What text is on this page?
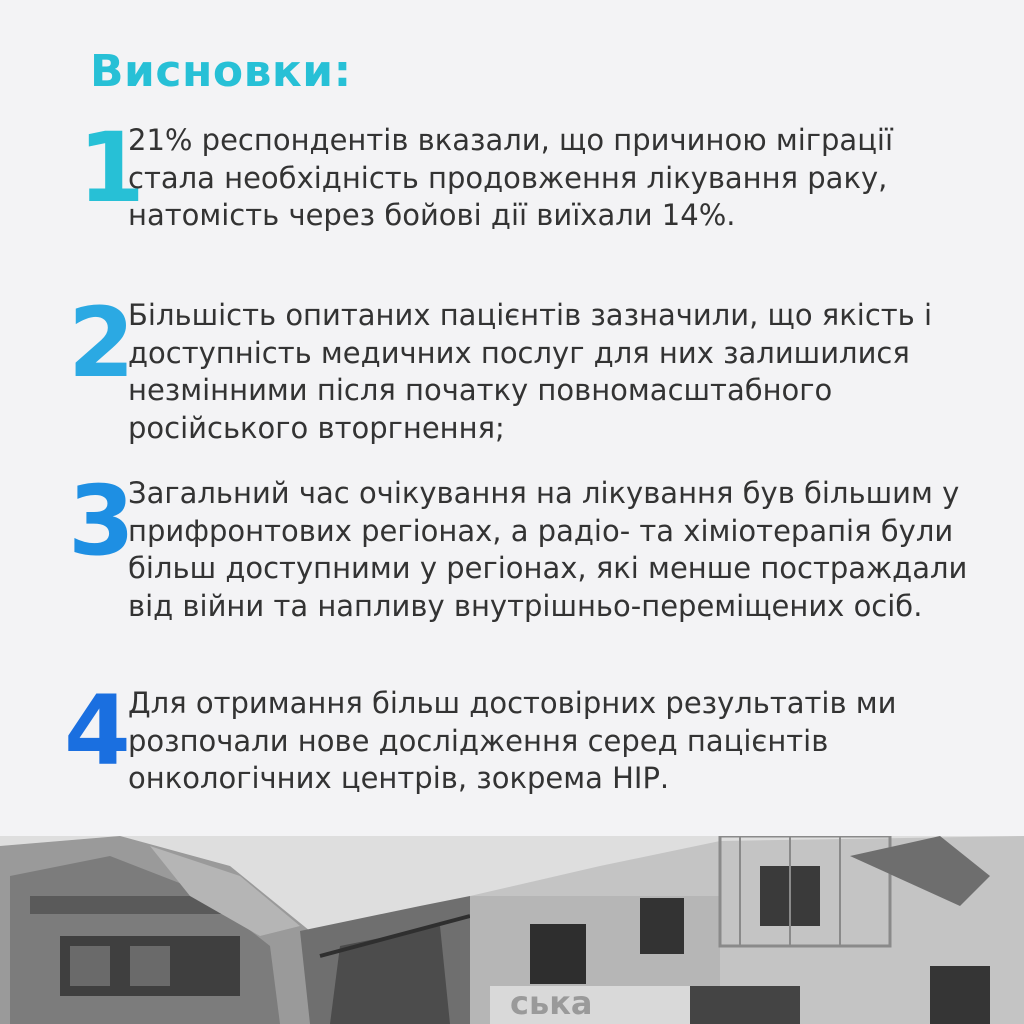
Висновки:
1

21% респондентів вказали, що причиною міграції стала необхідність продовження лікування раку, натомість через бойові дії виїхали 14%.

2

Більшість опитаних пацієнтів зазначили, що якість і доступність медичних послуг для них залишилися незмінними після початку повномасштабного російського вторгнення;

3

Загальний час очікування на лікування був більшим у прифронтових регіонах, а радіо- та хіміотерапія були більш доступними у регіонах, які менше постраждали від війни та напливу внутрішньо-переміщених осіб.

4

Для отримання більш достовірних результатів ми розпочали нове дослідження серед пацієнтів онкологічних центрів, зокрема НІР.

ська
